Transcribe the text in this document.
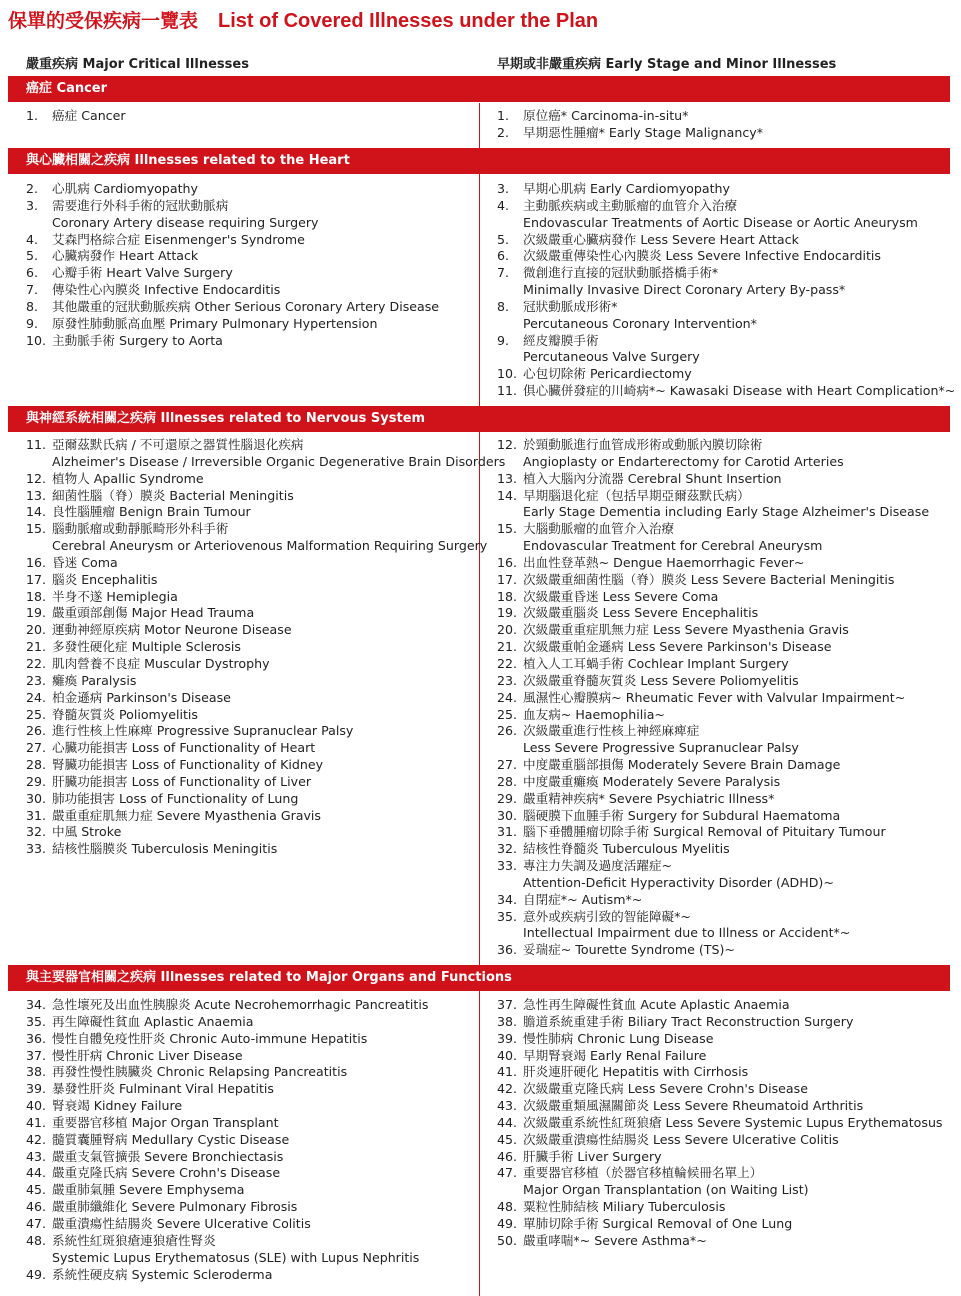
保單的受保疾病一覽表 List of Covered Illnesses under the Plan
嚴重疾病 Major Critical Illnesses	早期或非嚴重疾病 Early Stage and Minor Illnesses
癌症 Cancer
1. 癌症 Cancer	1. 原位癌* Carcinoma-in-situ*
2. 早期惡性腫瘤* Early Stage Malignancy*
與心臟相關之疾病 Illnesses related to the Heart
2. 心肌病 Cardiomyopathy
3. 需要進行外科手術的冠狀動脈病
Coronary Artery disease requiring Surgery
4. 艾森門格綜合症 Eisenmenger's Syndrome
5. 心臟病發作 Heart Attack
6. 心瓣手術 Heart Valve Surgery
7. 傳染性心內膜炎 Infective Endocarditis
8. 其他嚴重的冠狀動脈疾病 Other Serious Coronary Artery Disease
9. 原發性肺動脈高血壓 Primary Pulmonary Hypertension
10. 主動脈手術 Surgery to Aorta
3. 早期心肌病 Early Cardiomyopathy
4. 主動脈疾病或主動脈瘤的血管介入治療
Endovascular Treatments of Aortic Disease or Aortic Aneurysm
5. 次級嚴重心臟病發作 Less Severe Heart Attack
6. 次級嚴重傳染性心內膜炎 Less Severe Infective Endocarditis
7. 微創進行直接的冠狀動脈搭橋手術*
Minimally Invasive Direct Coronary Artery By-pass*
8. 冠狀動脈成形術*
Percutaneous Coronary Intervention*
9. 經皮瓣膜手術
Percutaneous Valve Surgery
10. 心包切除術 Pericardiectomy
11. 俱心臟併發症的川崎病*~ Kawasaki Disease with Heart Complication*~
與神經系統相關之疾病 Illnesses related to Nervous System
11. 亞爾茲默氏病 / 不可還原之器質性腦退化疾病
Alzheimer's Disease / Irreversible Organic Degenerative Brain Disorders
12. 植物人 Apallic Syndrome
13. 細菌性腦（脊）膜炎 Bacterial Meningitis
14. 良性腦腫瘤 Benign Brain Tumour
15. 腦動脈瘤或動靜脈畸形外科手術
Cerebral Aneurysm or Arteriovenous Malformation Requiring Surgery
16. 昏迷 Coma
17. 腦炎 Encephalitis
18. 半身不遂 Hemiplegia
19. 嚴重頭部創傷 Major Head Trauma
20. 運動神經原疾病 Motor Neurone Disease
21. 多發性硬化症 Multiple Sclerosis
22. 肌肉營養不良症 Muscular Dystrophy
23. 癱瘓 Paralysis
24. 柏金遜病 Parkinson's Disease
25. 脊髓灰質炎 Poliomyelitis
26. 進行性核上性麻痺 Progressive Supranuclear Palsy
27. 心臟功能損害 Loss of Functionality of Heart
28. 腎臟功能損害 Loss of Functionality of Kidney
29. 肝臟功能損害 Loss of Functionality of Liver
30. 肺功能損害 Loss of Functionality of Lung
31. 嚴重重症肌無力症 Severe Myasthenia Gravis
32. 中風 Stroke
33. 結核性腦膜炎 Tuberculosis Meningitis
12. 於頸動脈進行血管成形術或動脈內膜切除術
Angioplasty or Endarterectomy for Carotid Arteries
13. 植入大腦內分流器 Cerebral Shunt Insertion
14. 早期腦退化症（包括早期亞爾茲默氏病）
Early Stage Dementia including Early Stage Alzheimer's Disease
15. 大腦動脈瘤的血管介入治療
Endovascular Treatment for Cerebral Aneurysm
16. 出血性登革熱~ Dengue Haemorrhagic Fever~
17. 次級嚴重細菌性腦（脊）膜炎 Less Severe Bacterial Meningitis
18. 次級嚴重昏迷 Less Severe Coma
19. 次級嚴重腦炎 Less Severe Encephalitis
20. 次級嚴重重症肌無力症 Less Severe Myasthenia Gravis
21. 次級嚴重帕金遜病 Less Severe Parkinson's Disease
22. 植入人工耳蝸手術 Cochlear Implant Surgery
23. 次級嚴重脊髓灰質炎 Less Severe Poliomyelitis
24. 風濕性心瓣膜病~ Rheumatic Fever with Valvular Impairment~
25. 血友病~ Haemophilia~
26. 次級嚴重進行性核上神經麻痺症
Less Severe Progressive Supranuclear Palsy
27. 中度嚴重腦部損傷 Moderately Severe Brain Damage
28. 中度嚴重癱瘓 Moderately Severe Paralysis
29. 嚴重精神疾病* Severe Psychiatric Illness*
30. 腦硬膜下血腫手術 Surgery for Subdural Haematoma
31. 腦下垂體腫瘤切除手術 Surgical Removal of Pituitary Tumour
32. 結核性脊髓炎 Tuberculous Myelitis
33. 專注力失調及過度活躍症~
Attention-Deficit Hyperactivity Disorder (ADHD)~
34. 自閉症*~ Autism*~
35. 意外或疾病引致的智能障礙*~
Intellectual Impairment due to Illness or Accident*~
36. 妥瑞症~ Tourette Syndrome (TS)~
與主要器官相關之疾病 Illnesses related to Major Organs and Functions
34. 急性壞死及出血性胰腺炎 Acute Necrohemorrhagic Pancreatitis
35. 再生障礙性貧血 Aplastic Anaemia
36. 慢性自體免疫性肝炎 Chronic Auto-immune Hepatitis
37. 慢性肝病 Chronic Liver Disease
38. 再發性慢性胰臟炎 Chronic Relapsing Pancreatitis
39. 暴發性肝炎 Fulminant Viral Hepatitis
40. 腎衰竭 Kidney Failure
41. 重要器官移植 Major Organ Transplant
42. 髓質囊腫腎病 Medullary Cystic Disease
43. 嚴重支氣管擴張 Severe Bronchiectasis
44. 嚴重克隆氏病 Severe Crohn's Disease
45. 嚴重肺氣腫 Severe Emphysema
46. 嚴重肺纖維化 Severe Pulmonary Fibrosis
47. 嚴重潰瘍性結腸炎 Severe Ulcerative Colitis
48. 系統性紅斑狼瘡連狼瘡性腎炎
Systemic Lupus Erythematosus (SLE) with Lupus Nephritis
49. 系統性硬皮病 Systemic Scleroderma
37. 急性再生障礙性貧血 Acute Aplastic Anaemia
38. 膽道系統重建手術 Biliary Tract Reconstruction Surgery
39. 慢性肺病 Chronic Lung Disease
40. 早期腎衰竭 Early Renal Failure
41. 肝炎連肝硬化 Hepatitis with Cirrhosis
42. 次級嚴重克隆氏病 Less Severe Crohn's Disease
43. 次級嚴重類風濕關節炎 Less Severe Rheumatoid Arthritis
44. 次級嚴重系統性紅斑狼瘡 Less Severe Systemic Lupus Erythematosus
45. 次級嚴重潰瘍性結腸炎 Less Severe Ulcerative Colitis
46. 肝臟手術 Liver Surgery
47. 重要器官移植（於器官移植輪候冊名單上）
Major Organ Transplantation (on Waiting List)
48. 粟粒性肺結核 Miliary Tuberculosis
49. 單肺切除手術 Surgical Removal of One Lung
50. 嚴重哮喘*~ Severe Asthma*~
